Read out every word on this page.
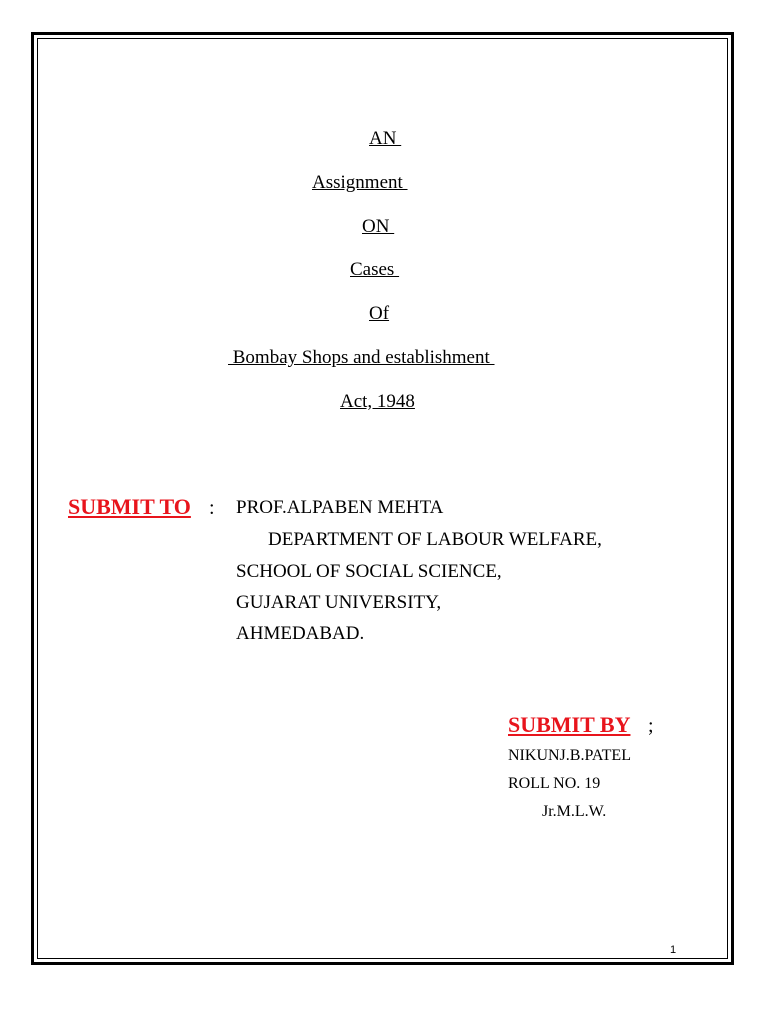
AN
Assignment
ON
Cases
Of
Bombay Shops and establishment
Act, 1948
SUBMIT TO : PROF.ALPABEN MEHTA
DEPARTMENT OF LABOUR WELFARE,
SCHOOL OF SOCIAL SCIENCE,
GUJARAT UNIVERSITY,
AHMEDABAD.
SUBMIT BY ;
NIKUNJ.B.PATEL
ROLL NO. 19
Jr.M.L.W.
1
